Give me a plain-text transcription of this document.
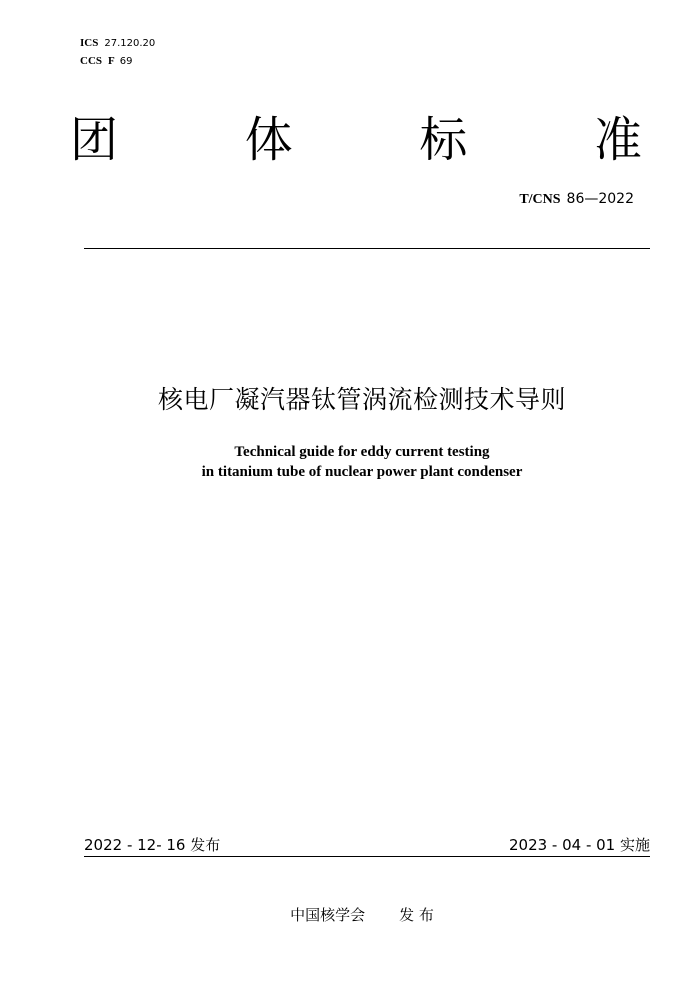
ICS 27.120.20
CCS F 69
团	体	标	准
T/CNS 86—2022
核电厂凝汽器钛管涡流检测技术导则
Technical guide for eddy current testing
in titanium tube of nuclear power plant condenser
2022 - 12- 16 发布	2023 - 04 - 01 实施
中国核学会 发 布
